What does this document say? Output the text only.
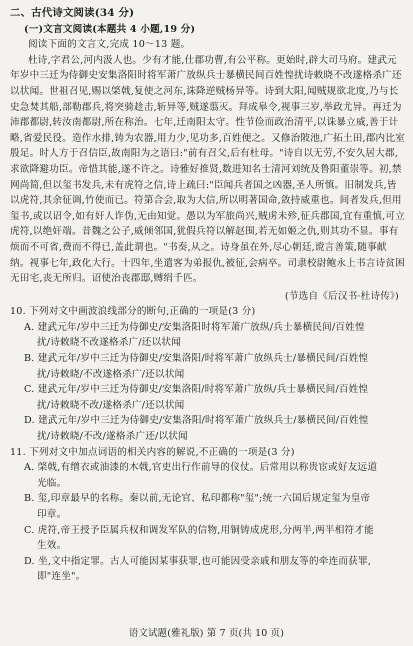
二、古代诗文阅读(34 分)

(一)文言文阅读(本题共 4 小题,19 分)

阅读下面的文言文,完成 10～13 题。

杜诗,字君公,河内汲人也。少有才能,仕郡功曹,有公平称。更始时,辟大司马府。建武元年岁中三迁为侍御史安集洛阳时将军萧广放纵兵士暴横民间百姓惶扰诗敕晓不改遂格杀广还以状闻。世祖召见,赐以棨戟,复使之河东,诛降逆贼杨异等。诗到大阳,闻贼规欲北度,乃与长史急焚其船,部勒郡兵,将突骑趁击,斩异等,贼遂翦灭。拜成皋令,视事三岁,举政尤异。再迁为沛郡都尉,转汝南都尉,所在称治。七年,迁南阳太守。性节俭而政治清平,以诛暴立威,善于计略,省爱民役。造作水排,铸为农器,用力少,见功多,百姓便之。又修治陂池,广拓土田,郡内比室殷足。时人方于召信臣,故南阳为之语曰:"前有召父,后有杜母。"诗自以无劳,不安久居大郡,求欲降避功臣。帝惜其能,遂不许之。诗雅好推贤,数进知名士清河刘统及鲁阳董崇等。初,禁网尚简,但以玺书发兵,未有虎符之信,诗上疏曰:"臣闻兵者国之凶器,圣人所慎。旧制发兵,皆以虎符,其余征调,竹使而已。符第合会,取为大信,所以明著国命,敛持威重也。间者发兵,但用玺书,或以诏令,如有奸人诈伪,无由知觉。愚以为军旅尚兴,贼虏未殄,征兵郡国,宜有重慎,可立虎符,以绝奸端。昔魏之公子,威倾邻国,犹假兵符以解赵围,若无如姬之仇,则其功不显。事有烦而不可省,费而不得已,盖此谓也。"书奏,从之。诗身虽在外,尽心朝廷,谠言善策,随事献纳。视事七年,政化大行。十四年,坐遣客为弟报仇,被征,会病卒。司隶校尉鲍永上书言诗贫困无田宅,丧无所归。诏使治丧郡邸,赙绢千匹。

(节选自《后汉书·杜诗传》)

10. 下列对文中画波浪线部分的断句,正确的一项是(3 分)

A. 建武元年/岁中三迁为侍御史/安集洛阳时将军萧广放纵/兵士暴横民间/百姓惶

扰/诗敕晓不改遂格杀广/还以状闻

B. 建武元年/岁中三迁为侍御史/安集洛阳/时将军萧广放纵兵士/暴横民间/百姓惶

扰/诗敕晓/不改遂格杀广/还以状闻

C. 建武元年/岁中三迁为侍御史/安集洛阳/时将军萧广放纵/兵士暴横民间/百姓惶

扰/诗敕晓不改/遂格杀广/还以状闻

D. 建武元年/岁中三迁为侍御史/安集洛阳/时将军萧广放纵兵士/暴横民间/百姓惶

扰/诗敕晓/不改/遂格杀广还/以状闻

11. 下列对文中加点词语的相关内容的解说,不正确的一项是(3 分)

A. 棨戟,有缯衣或油漆的木戟,官吏出行作前导的仪仗。后常用以称贵宦或好友远道

光临。

B. 玺,印章最早的名称。秦以前,无论官、私印都称"玺";统一六国后规定玺为皇帝

印章。

C. 虎符,帝王授予臣属兵权和调发军队的信物,用铜铸成虎形,分两半,两半相符才能

生效。

D. 坐,文中指定罪。古人可能因某事获罪,也可能因受亲戚和朋友等的牵连而获罪,

即"连坐"。

语文试题(雅礼版) 第 7 页(共 10 页)
